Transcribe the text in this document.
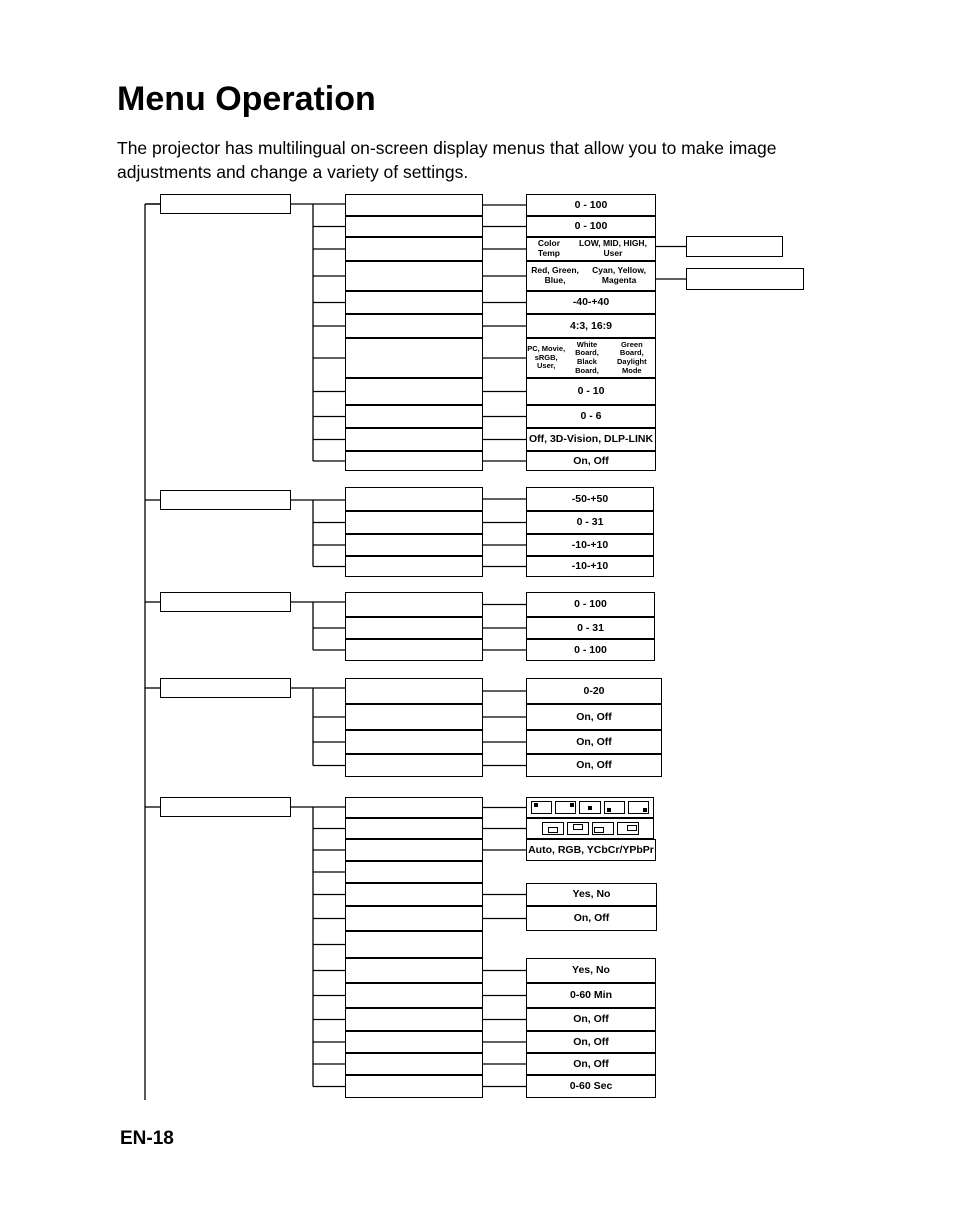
Menu Operation

The projector has multilingual on-screen display menus that allow you to make image adjustments and change a variety of settings.

0 - 100
0 - 100
Color Temp

LOW, MID, HIGH, User
Red, Green, Blue,

Cyan, Yellow, Magenta
-40-+40
4:3, 16:9
PC, Movie, sRGB, User,

White Board, Black Board,

Green Board, Daylight Mode
0 - 10
0 - 6
Off, 3D-Vision, DLP-LINK
On, Off
-50-+50
0 - 31
-10-+10
-10-+10
0 - 100
0 - 31
0 - 100
0-20
On, Off
On, Off
On, Off
Auto, RGB, YCbCr/YPbPr
Yes, No
On, Off
Yes, No
0-60 Min
On, Off
On, Off
On, Off
0-60 Sec
EN-18
